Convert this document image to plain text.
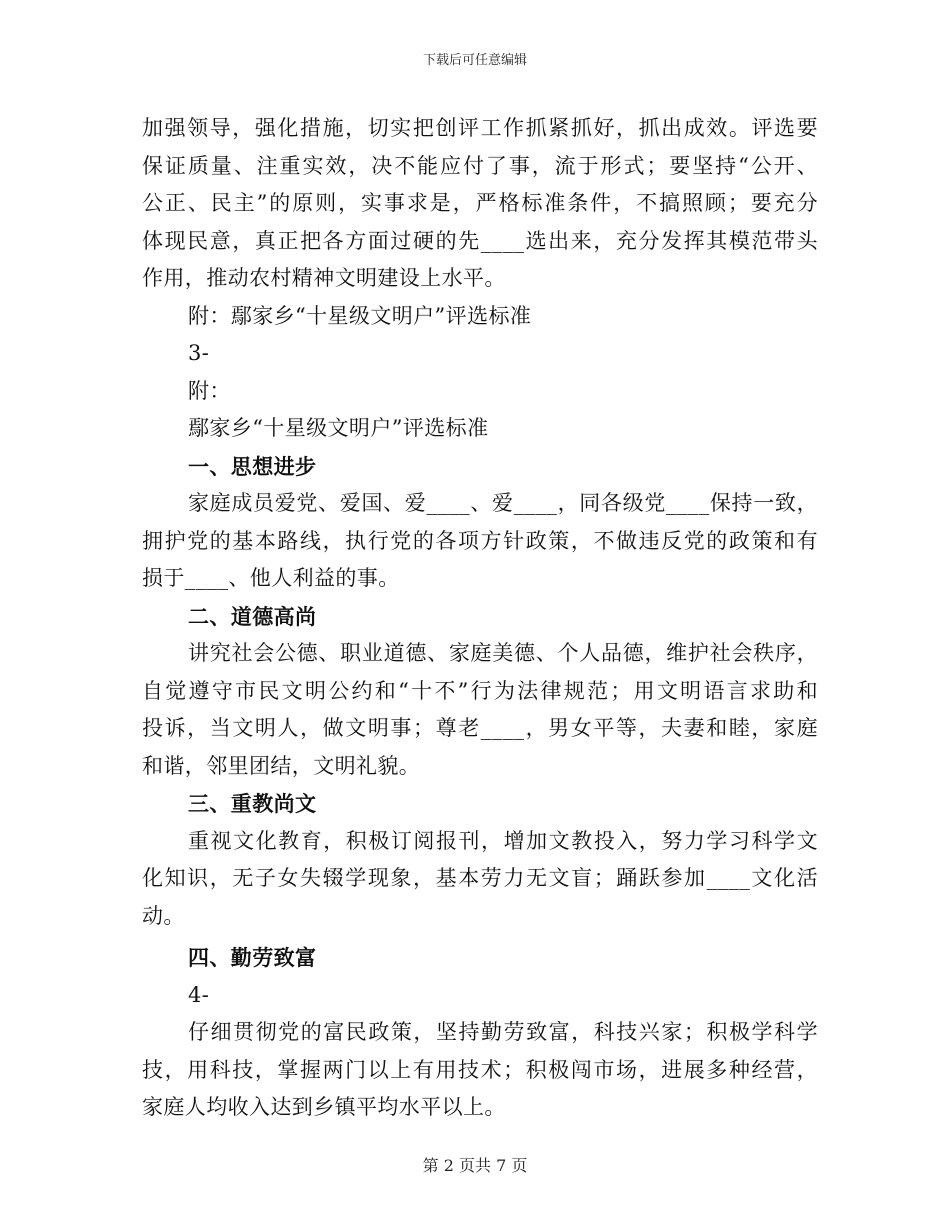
下载后可任意编辑
加强领导，强化措施，切实把创评工作抓紧抓好，抓出成效。评选要
保证质量、注重实效，决不能应付了事，流于形式；要坚持“公开、
公正、民主”的原则，实事求是，严格标准条件，不搞照顾；要充分
体现民意，真正把各方面过硬的先____选出来，充分发挥其模范带头
作用，推动农村精神文明建设上水平。
附：鄢家乡“十星级文明户”评选标准
3-
附：
鄢家乡“十星级文明户”评选标准
一、思想进步
家庭成员爱党、爱国、爱____、爱____，同各级党____保持一致，
拥护党的基本路线，执行党的各项方针政策，不做违反党的政策和有
损于____、他人利益的事。
二、道德高尚
讲究社会公德、职业道德、家庭美德、个人品德，维护社会秩序，
自觉遵守市民文明公约和“十不”行为法律规范；用文明语言求助和
投诉，当文明人，做文明事；尊老____，男女平等，夫妻和睦，家庭
和谐，邻里团结，文明礼貌。
三、重教尚文
重视文化教育，积极订阅报刊，增加文教投入，努力学习科学文
化知识，无子女失辍学现象，基本劳力无文盲；踊跃参加____文化活
动。
四、勤劳致富
4-
仔细贯彻党的富民政策，坚持勤劳致富，科技兴家；积极学科学
技，用科技，掌握两门以上有用技术；积极闯市场，进展多种经营，
家庭人均收入达到乡镇平均水平以上。
第 2 页共 7 页
